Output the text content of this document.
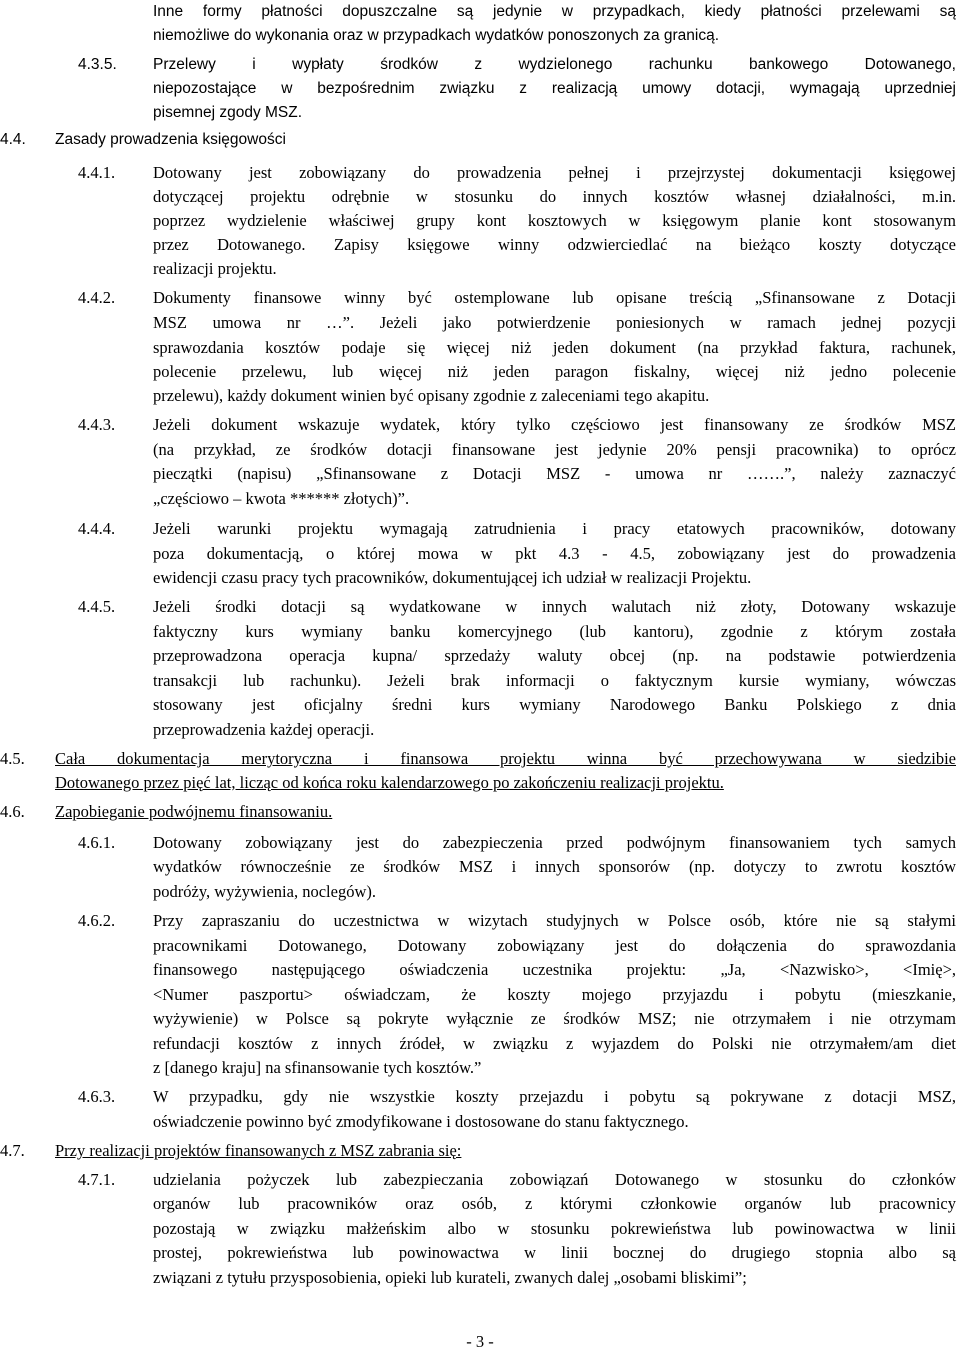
Inne formy płatności dopuszczalne są jedynie w przypadkach, kiedy płatności przelewami są
niemożliwe do wykonania oraz w przypadkach wydatków ponoszonych za granicą.
4.3.5. Przelewy i wypłaty środków z wydzielonego rachunku bankowego Dotowanego,
niepozostające w bezpośrednim związku z realizacją umowy dotacji, wymagają uprzedniej
pisemnej zgody MSZ.
4.4. Zasady prowadzenia księgowości
4.4.1. Dotowany jest zobowiązany do prowadzenia pełnej i przejrzystej dokumentacji księgowej
dotyczącej projektu odrębnie w stosunku do innych kosztów własnej działalności, m.in.
poprzez wydzielenie właściwej grupy kont kosztowych w księgowym planie kont stosowanym
przez Dotowanego. Zapisy księgowe winny odzwierciedlać na bieżąco koszty dotyczące
realizacji projektu.
4.4.2. Dokumenty finansowe winny być ostemplowane lub opisane treścią „Sfinansowane z Dotacji
MSZ umowa nr …”. Jeżeli jako potwierdzenie poniesionych w ramach jednej pozycji
sprawozdania kosztów podaje się więcej niż jeden dokument (na przykład faktura, rachunek,
polecenie przelewu, lub więcej niż jeden paragon fiskalny, więcej niż jedno polecenie
przelewu), każdy dokument winien być opisany zgodnie z zaleceniami tego akapitu.
4.4.3. Jeżeli dokument wskazuje wydatek, który tylko częściowo jest finansowany ze środków MSZ
(na przykład, ze środków dotacji finansowane jest jedynie 20% pensji pracownika) to oprócz
pieczątki (napisu) „Sfinansowane z Dotacji MSZ - umowa nr …….”, należy zaznaczyć
„częściowo – kwota ****** złotych)”.
4.4.4. Jeżeli warunki projektu wymagają zatrudnienia i pracy etatowych pracowników, dotowany
poza dokumentacją, o której mowa w pkt 4.3 - 4.5, zobowiązany jest do prowadzenia
ewidencji czasu pracy tych pracowników, dokumentującej ich udział w realizacji Projektu.
4.4.5. Jeżeli środki dotacji są wydatkowane w innych walutach niż złoty, Dotowany wskazuje
faktyczny kurs wymiany banku komercyjnego (lub kantoru), zgodnie z którym została
przeprowadzona operacja kupna/ sprzedaży waluty obcej (np. na podstawie potwierdzenia
transakcji lub rachunku). Jeżeli brak informacji o faktycznym kursie wymiany, wówczas
stosowany jest oficjalny średni kurs wymiany Narodowego Banku Polskiego z dnia
przeprowadzenia każdej operacji.
4.5. Cała dokumentacja merytoryczna i finansowa projektu winna być przechowywana w siedzibie
Dotowanego przez pięć lat, licząc od końca roku kalendarzowego po zakończeniu realizacji projektu.
4.6. Zapobieganie podwójnemu finansowaniu.
4.6.1. Dotowany zobowiązany jest do zabezpieczenia przed podwójnym finansowaniem tych samych
wydatków równocześnie ze środków MSZ i innych sponsorów (np. dotyczy to zwrotu kosztów
podróży, wyżywienia, noclegów).
4.6.2. Przy zapraszaniu do uczestnictwa w wizytach studyjnych w Polsce osób, które nie są stałymi
pracownikami Dotowanego, Dotowany zobowiązany jest do dołączenia do sprawozdania
finansowego następującego oświadczenia uczestnika projektu: „Ja, <Nazwisko>, <Imię>,
<Numer paszportu> oświadczam, że koszty mojego przyjazdu i pobytu (mieszkanie,
wyżywienie) w Polsce są pokryte wyłącznie ze środków MSZ; nie otrzymałem i nie otrzymam
refundacji kosztów z innych źródeł, w związku z wyjazdem do Polski nie otrzymałem/am diet
z [danego kraju] na sfinansowanie tych kosztów.”
4.6.3. W przypadku, gdy nie wszystkie koszty przejazdu i pobytu są pokrywane z dotacji MSZ,
oświadczenie powinno być zmodyfikowane i dostosowane do stanu faktycznego.
4.7. Przy realizacji projektów finansowanych z MSZ zabrania się:
4.7.1. udzielania pożyczek lub zabezpieczania zobowiązań Dotowanego w stosunku do członków
organów lub pracowników oraz osób, z którymi członkowie organów lub pracownicy
pozostają w związku małżeńskim albo w stosunku pokrewieństwa lub powinowactwa w linii
prostej, pokrewieństwa lub powinowactwa w linii bocznej do drugiego stopnia albo są
związani z tytułu przysposobienia, opieki lub kurateli, zwanych dalej „osobami bliskimi”;
- 3 -
